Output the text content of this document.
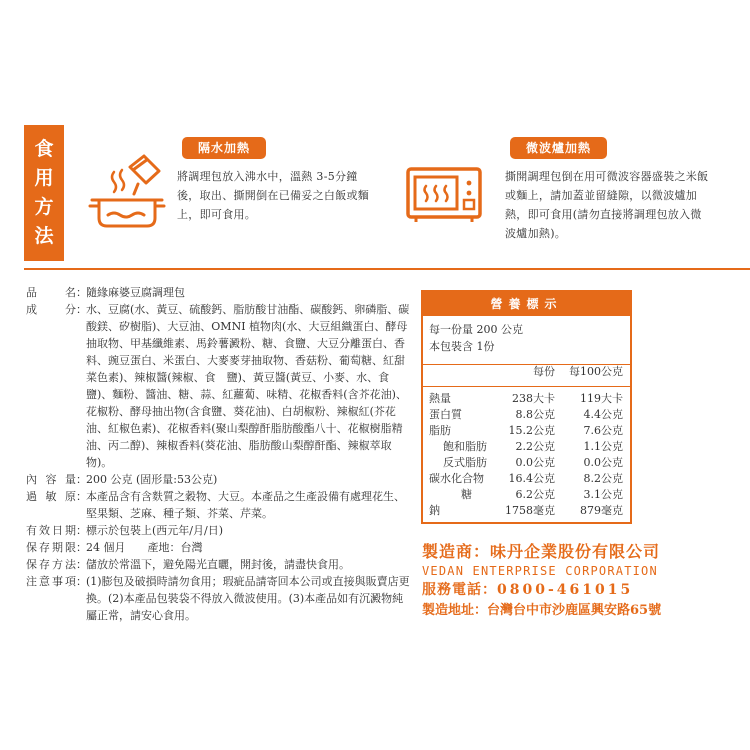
食
用
方
法
隔水加熱
將調理包放入沸水中，溫熱 3-5分鐘後，取出、撕開倒在已備妥之白飯或麵上，即可食用。
微波爐加熱
撕開調理包倒在用可微波容器盛裝之米飯或麵上，請加蓋並留縫隙，以微波爐加熱，即可食用(請勿直接將調理包放入微波爐加熱)。
品名 ： 隨緣麻婆豆腐調理包
成分 ： 水、豆腐(水、黃豆、硫酸鈣、脂肪酸甘油酯、碳酸鈣、卵磷脂、碳酸鎂、矽樹脂)、大豆油、OMNI 植物肉(水、大豆組織蛋白、酵母抽取物、甲基纖維素、馬鈴薯澱粉、糖、食鹽、大豆分離蛋白、香料、豌豆蛋白、米蛋白、大麥麥芽抽取物、香菇粉、葡萄糖、紅甜菜色素)、辣椒醬(辣椒、食　鹽)、黃豆醬(黃豆、小麥、水、食鹽)、麵粉、醬油、糖、蒜、紅蘿蔔、味精、花椒香料(含芥花油)、花椒粉、酵母抽出物(含食鹽、葵花油)、白胡椒粉、辣椒紅(芥花油、紅椒色素)、花椒香料(聚山梨醇酐脂肪酸酯八十、花椒樹脂精油、丙二醇)、辣椒香料(葵花油、脂肪酸山梨醇酐酯、辣椒萃取物)。
內容量 ： 200 公克 (固形量:53公克)
過敏原 ： 本產品含有含麩質之穀物、大豆。本產品之生產設備有處理花生、堅果類、芝麻、種子類、芥菜、芹菜。
有效日期 ： 標示於包裝上(西元年/月/日)
保存期限 ： 24 個月　　產地：台灣
保存方法 ： 儲放於常溫下，避免陽光直曬，開封後，請盡快食用。
注意事項 ： (1)膨包及破損時請勿食用；瑕疵品請寄回本公司或直接與販賣店更換。(2)本產品包裝袋不得放入微波使用。(3)本產品如有沉澱物純屬正常，請安心食用。
營養標示
每一份量 200 公克
本包裝含 1份
每份	每100公克
熱量	238大卡	119大卡
蛋白質	8.8公克	4.4公克
脂肪	15.2公克	7.6公克
飽和脂肪	2.2公克	1.1公克
反式脂肪	0.0公克	0.0公克
碳水化合物	16.4公克	8.2公克
糖	6.2公克	3.1公克
鈉	1758毫克	879毫克
製造商：味丹企業股份有限公司
VEDAN ENTERPRISE CORPORATION
服務電話：0800-461015
製造地址：台灣台中市沙鹿區興安路65號
